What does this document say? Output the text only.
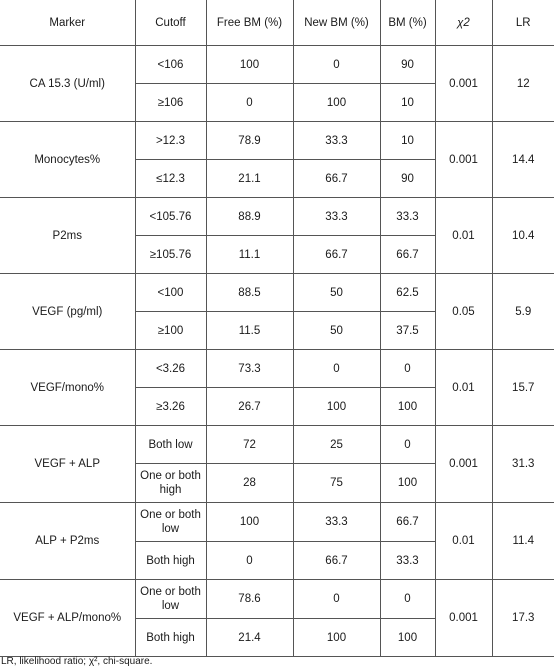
Marker	Cutoff	Free BM (%)	New BM (%)	BM (%)	χ2	LR
CA 15.3 (U/ml)	<106	100	0	90	0.001	12
	≥106	0	100	10		
Monocytes%	>12.3	78.9	33.3	10	0.001	14.4
	≤12.3	21.1	66.7	90		
P2ms	<105.76	88.9	33.3	33.3	0.01	10.4
	≥105.76	11.1	66.7	66.7		
VEGF (pg/ml)	<100	88.5	50	62.5	0.05	5.9
	≥100	11.5	50	37.5		
VEGF/mono%	<3.26	73.3	0	0	0.01	15.7
	≥3.26	26.7	100	100		
VEGF + ALP	Both low	72	25	0	0.001	31.3
	One or both high	28	75	100		
ALP + P2ms	One or both low	100	33.3	66.7	0.01	11.4
	Both high	0	66.7	33.3		
VEGF + ALP/mono%	One or both low	78.6	0	0	0.001	17.3
	Both high	21.4	100	100		
LR, likelihood ratio; χ², chi-square.
